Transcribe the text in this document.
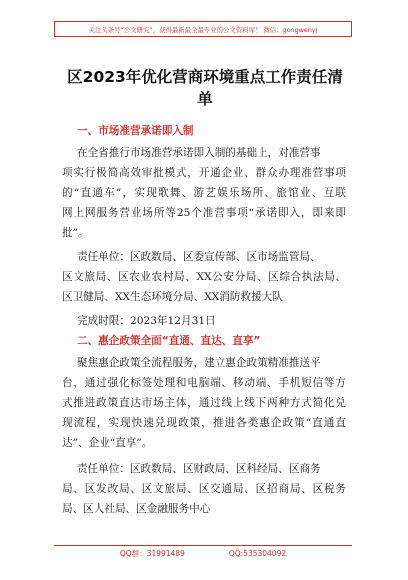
关注头条号“公文研究”，获得最新最全最专业的公文资料库！ 微信：gongwenyj
区2023年优化营商环境重点工作责任清
单
一、市场准营承诺即入制
在全省推行市场准营承诺即入制的基础上，对准营事
项实行极简高效审批模式，开通企业、群众办理准营事项
的“直通车”，实现歌舞、游艺娱乐场所、旅馆业、互联
网上网服务营业场所等25个准营事项“承诺即入，即来即
批”。
责任单位：区政数局、区委宣传部、区市场监管局、
区文旅局、区农业农村局、XX公安分局、区综合执法局、
区卫健局、XX生态环境分局、XX消防救援大队
完成时限：2023年12月31日
二、惠企政策全面“直通、直达、直享”
聚焦惠企政策全流程服务，建立惠企政策精准推送平
台，通过强化标签处理和电脑端、移动端、手机短信等方
式推进政策直达市场主体，通过线上线下两种方式简化兑
现流程，实现快速兑现政策，推进各类惠企政策“直通直
达”、企业“直享”。
责任单位：区政数局、区财政局、区科经局、区商务
局、区发改局、区文旅局、区交通局、区招商局、区税务
局、区人社局、区金融服务中心
QQ群：31991489	QQ:535304092
